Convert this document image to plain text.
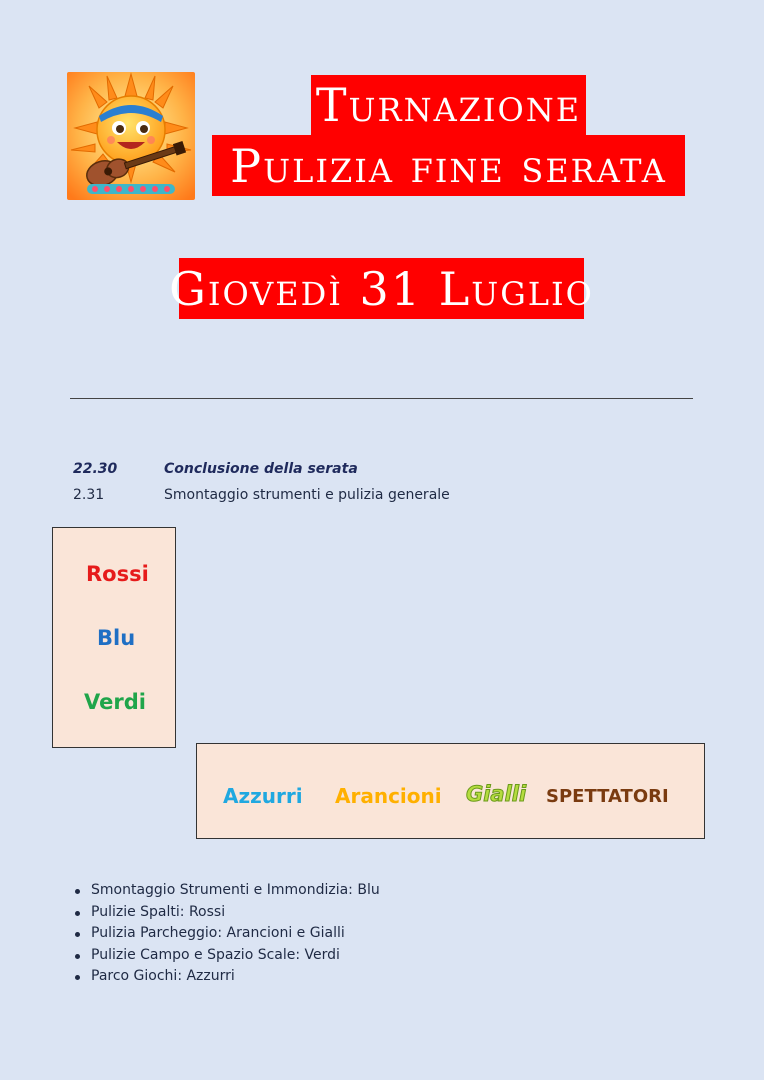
Turnazione
Pulizia fine serata
Giovedì 31 Luglio
22.30	Conclusione della serata
2.31	Smontaggio strumenti e pulizia generale
Rossi
Blu
Verdi
Azzurri Arancioni Gialli SPETTATORI
Smontaggio Strumenti e Immondizia: Blu
Pulizie Spalti: Rossi
Pulizia Parcheggio: Arancioni e Gialli
Pulizie Campo e Spazio Scale: Verdi
Parco Giochi: Azzurri
